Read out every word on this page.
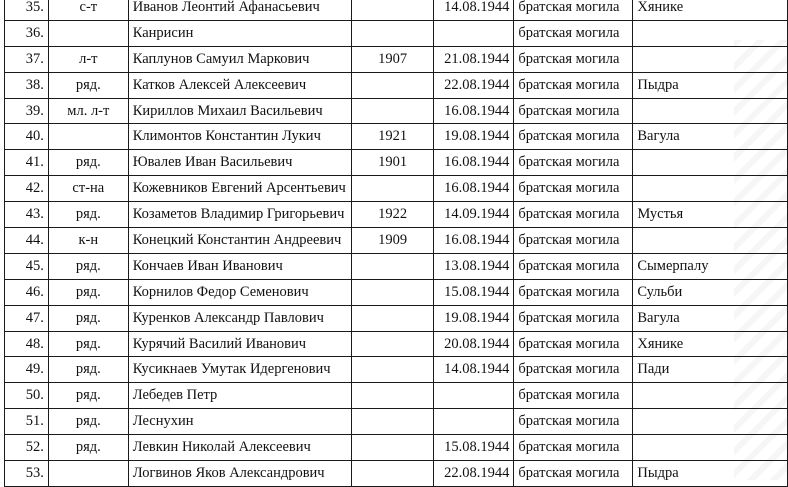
35.	с-т	Иванов Леонтий Афанасьевич		14.08.1944	братская могила	Хянике
36.		Канрисин			братская могила	
37.	л-т	Каплунов Самуил Маркович	1907	21.08.1944	братская могила	
38.	ряд.	Катков Алексей Алексеевич		22.08.1944	братская могила	Пыдра
39.	мл. л-т	Кириллов Михаил Васильевич		16.08.1944	братская могила	
40.		Климонтов Константин Лукич	1921	19.08.1944	братская могила	Вагула
41.	ряд.	Ювалев Иван Васильевич	1901	16.08.1944	братская могила	
42.	ст-на	Кожевников Евгений Арсентьевич		16.08.1944	братская могила	
43.	ряд.	Козаметов Владимир Григорьевич	1922	14.09.1944	братская могила	Мустья
44.	к-н	Конецкий Константин Андреевич	1909	16.08.1944	братская могила	
45.	ряд.	Кончаев Иван Иванович		13.08.1944	братская могила	Сымерпалу
46.	ряд.	Корнилов Федор Семенович		15.08.1944	братская могила	Сульби
47.	ряд.	Куренков Александр Павлович		19.08.1944	братская могила	Вагула
48.	ряд.	Курячий Василий Иванович		20.08.1944	братская могила	Хянике
49.	ряд.	Кусикнаев Умутак Идергенович		14.08.1944	братская могила	Пади
50.	ряд.	Лебедев Петр			братская могила	
51.	ряд.	Леснухин			братская могила	
52.	ряд.	Левкин Николай Алексеевич		15.08.1944	братская могила	
53.		Логвинов Яков Александрович		22.08.1944	братская могила	Пыдра
